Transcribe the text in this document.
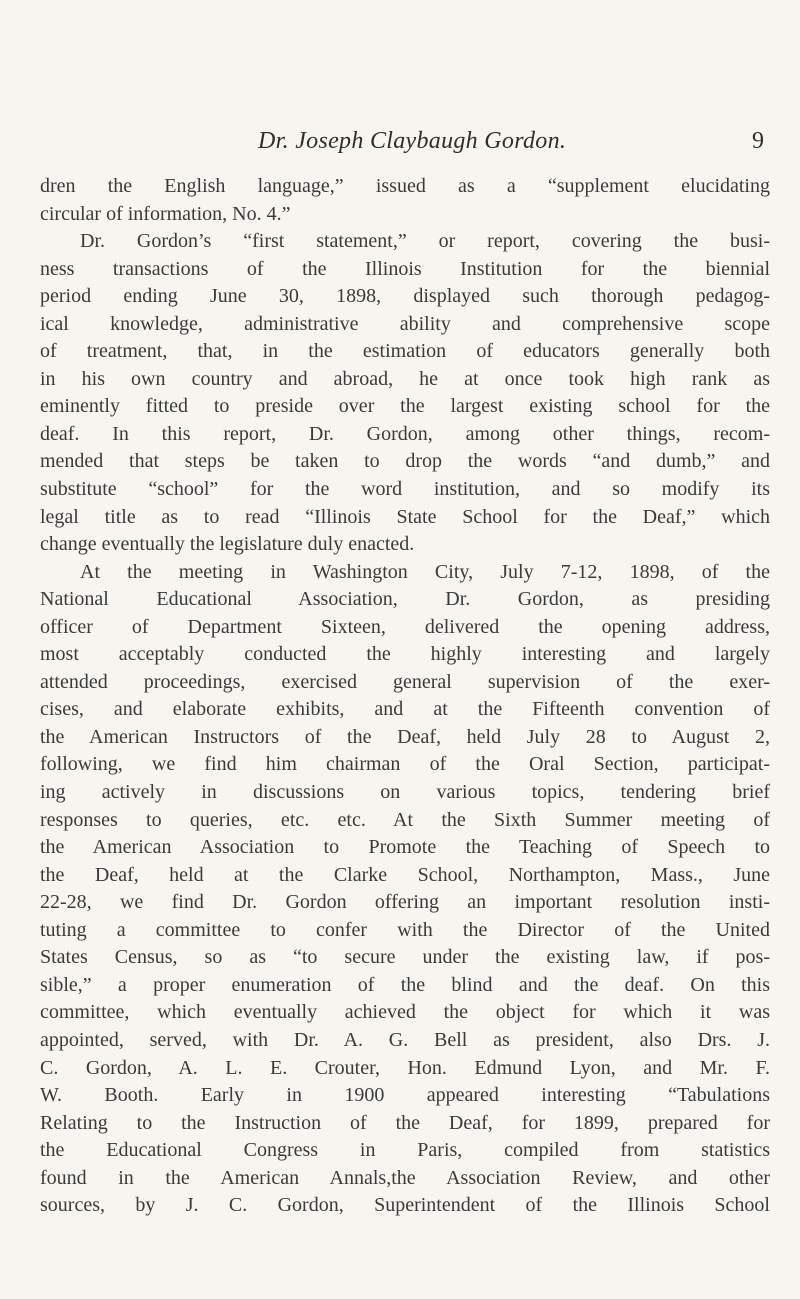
Dr. Joseph Claybaugh Gordon.	9
dren the English language,” issued as a “supplement elucidating
circular of information, No. 4.”
Dr. Gordon’s “first statement,” or report, covering the busi-
ness transactions of the Illinois Institution for the biennial
period ending June 30, 1898, displayed such thorough pedagog-
ical knowledge, administrative ability and comprehensive scope
of treatment, that, in the estimation of educators generally both
in his own country and abroad, he at once took high rank as
eminently fitted to preside over the largest existing school for the
deaf. In this report, Dr. Gordon, among other things, recom-
mended that steps be taken to drop the words “and dumb,” and
substitute “school” for the word institution, and so modify its
legal title as to read “Illinois State School for the Deaf,” which
change eventually the legislature duly enacted.
At the meeting in Washington City, July 7-12, 1898, of the
National Educational Association, Dr. Gordon, as presiding
officer of Department Sixteen, delivered the opening address,
most acceptably conducted the highly interesting and largely
attended proceedings, exercised general supervision of the exer-
cises, and elaborate exhibits, and at the Fifteenth convention of
the American Instructors of the Deaf, held July 28 to August 2,
following, we find him chairman of the Oral Section, participat-
ing actively in discussions on various topics, tendering brief
responses to queries, etc. etc. At the Sixth Summer meeting of
the American Association to Promote the Teaching of Speech to
the Deaf, held at the Clarke School, Northampton, Mass., June
22-28, we find Dr. Gordon offering an important resolution insti-
tuting a committee to confer with the Director of the United
States Census, so as “to secure under the existing law, if pos-
sible,” a proper enumeration of the blind and the deaf. On this
committee, which eventually achieved the object for which it was
appointed, served, with Dr. A. G. Bell as president, also Drs. J.
C. Gordon, A. L. E. Crouter, Hon. Edmund Lyon, and Mr. F.
W. Booth. Early in 1900 appeared interesting “Tabulations
Relating to the Instruction of the Deaf, for 1899, prepared for
the Educational Congress in Paris, compiled from statistics
found in the American Annals,the Association Review, and other
sources, by J. C. Gordon, Superintendent of the Illinois School
